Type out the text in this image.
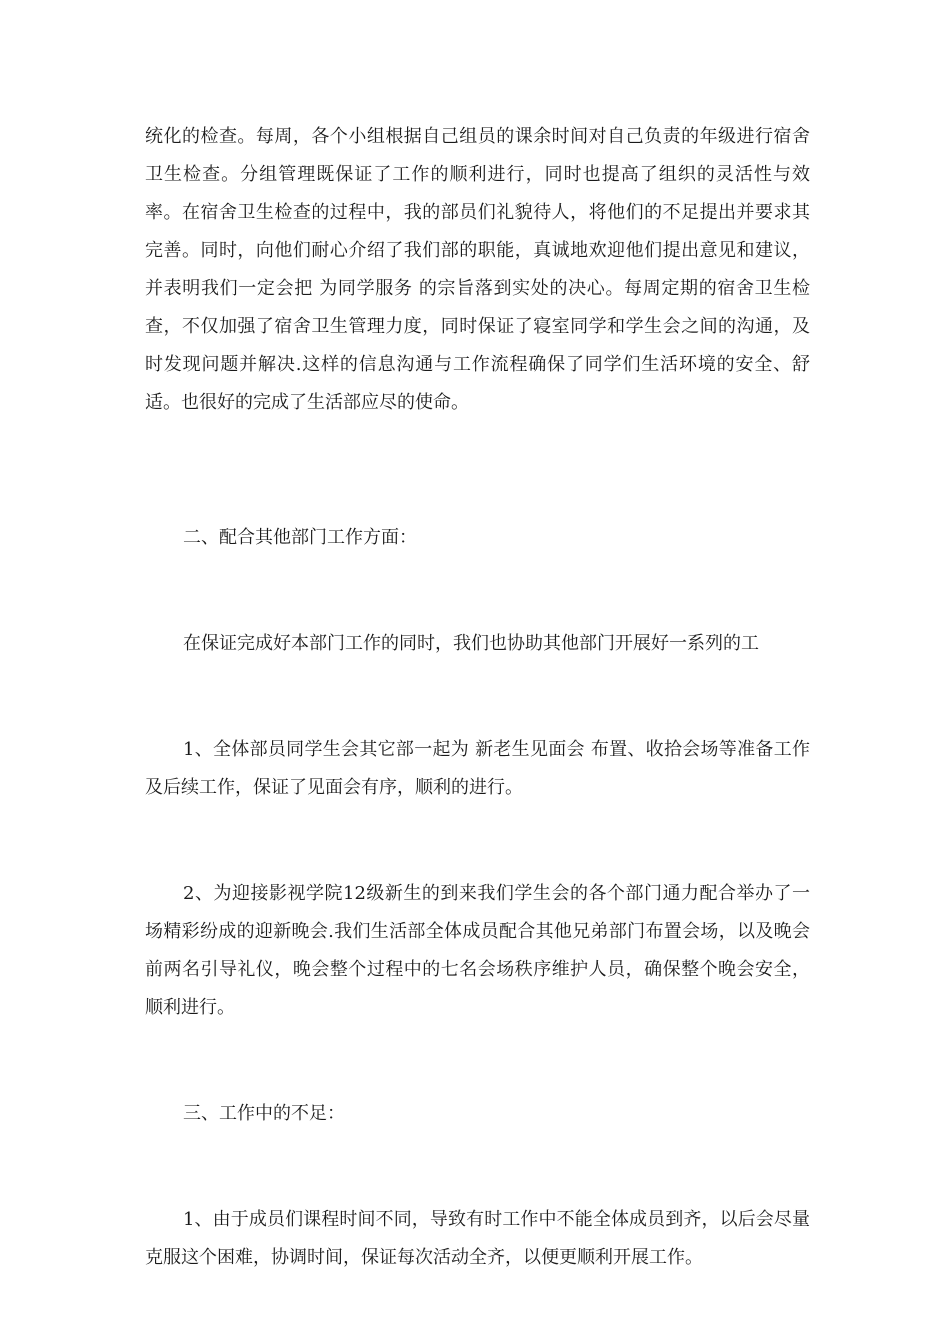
统化的检查。每周，各个小组根据自己组员的课余时间对自己负责的年级进行宿舍卫生检查。分组管理既保证了工作的顺利进行，同时也提高了组织的灵活性与效率。在宿舍卫生检查的过程中，我的部员们礼貌待人，将他们的不足提出并要求其完善。同时，向他们耐心介绍了我们部的职能，真诚地欢迎他们提出意见和建议，并表明我们一定会把 为同学服务 的宗旨落到实处的决心。每周定期的宿舍卫生检查，不仅加强了宿舍卫生管理力度，同时保证了寝室同学和学生会之间的沟通，及时发现问题并解决.这样的信息沟通与工作流程确保了同学们生活环境的安全、舒适。也很好的完成了生活部应尽的使命。

二、配合其他部门工作方面：

在保证完成好本部门工作的同时，我们也协助其他部门开展好一系列的工

1、全体部员同学生会其它部一起为 新老生见面会 布置、收拾会场等准备工作及后续工作，保证了见面会有序，顺利的进行。

2、为迎接影视学院12级新生的到来我们学生会的各个部门通力配合举办了一场精彩纷成的迎新晚会.我们生活部全体成员配合其他兄弟部门布置会场，以及晚会前两名引导礼仪，晚会整个过程中的七名会场秩序维护人员，确保整个晚会安全，顺利进行。

三、工作中的不足：

1、由于成员们课程时间不同，导致有时工作中不能全体成员到齐，以后会尽量克服这个困难，协调时间，保证每次活动全齐，以便更顺利开展工作。
